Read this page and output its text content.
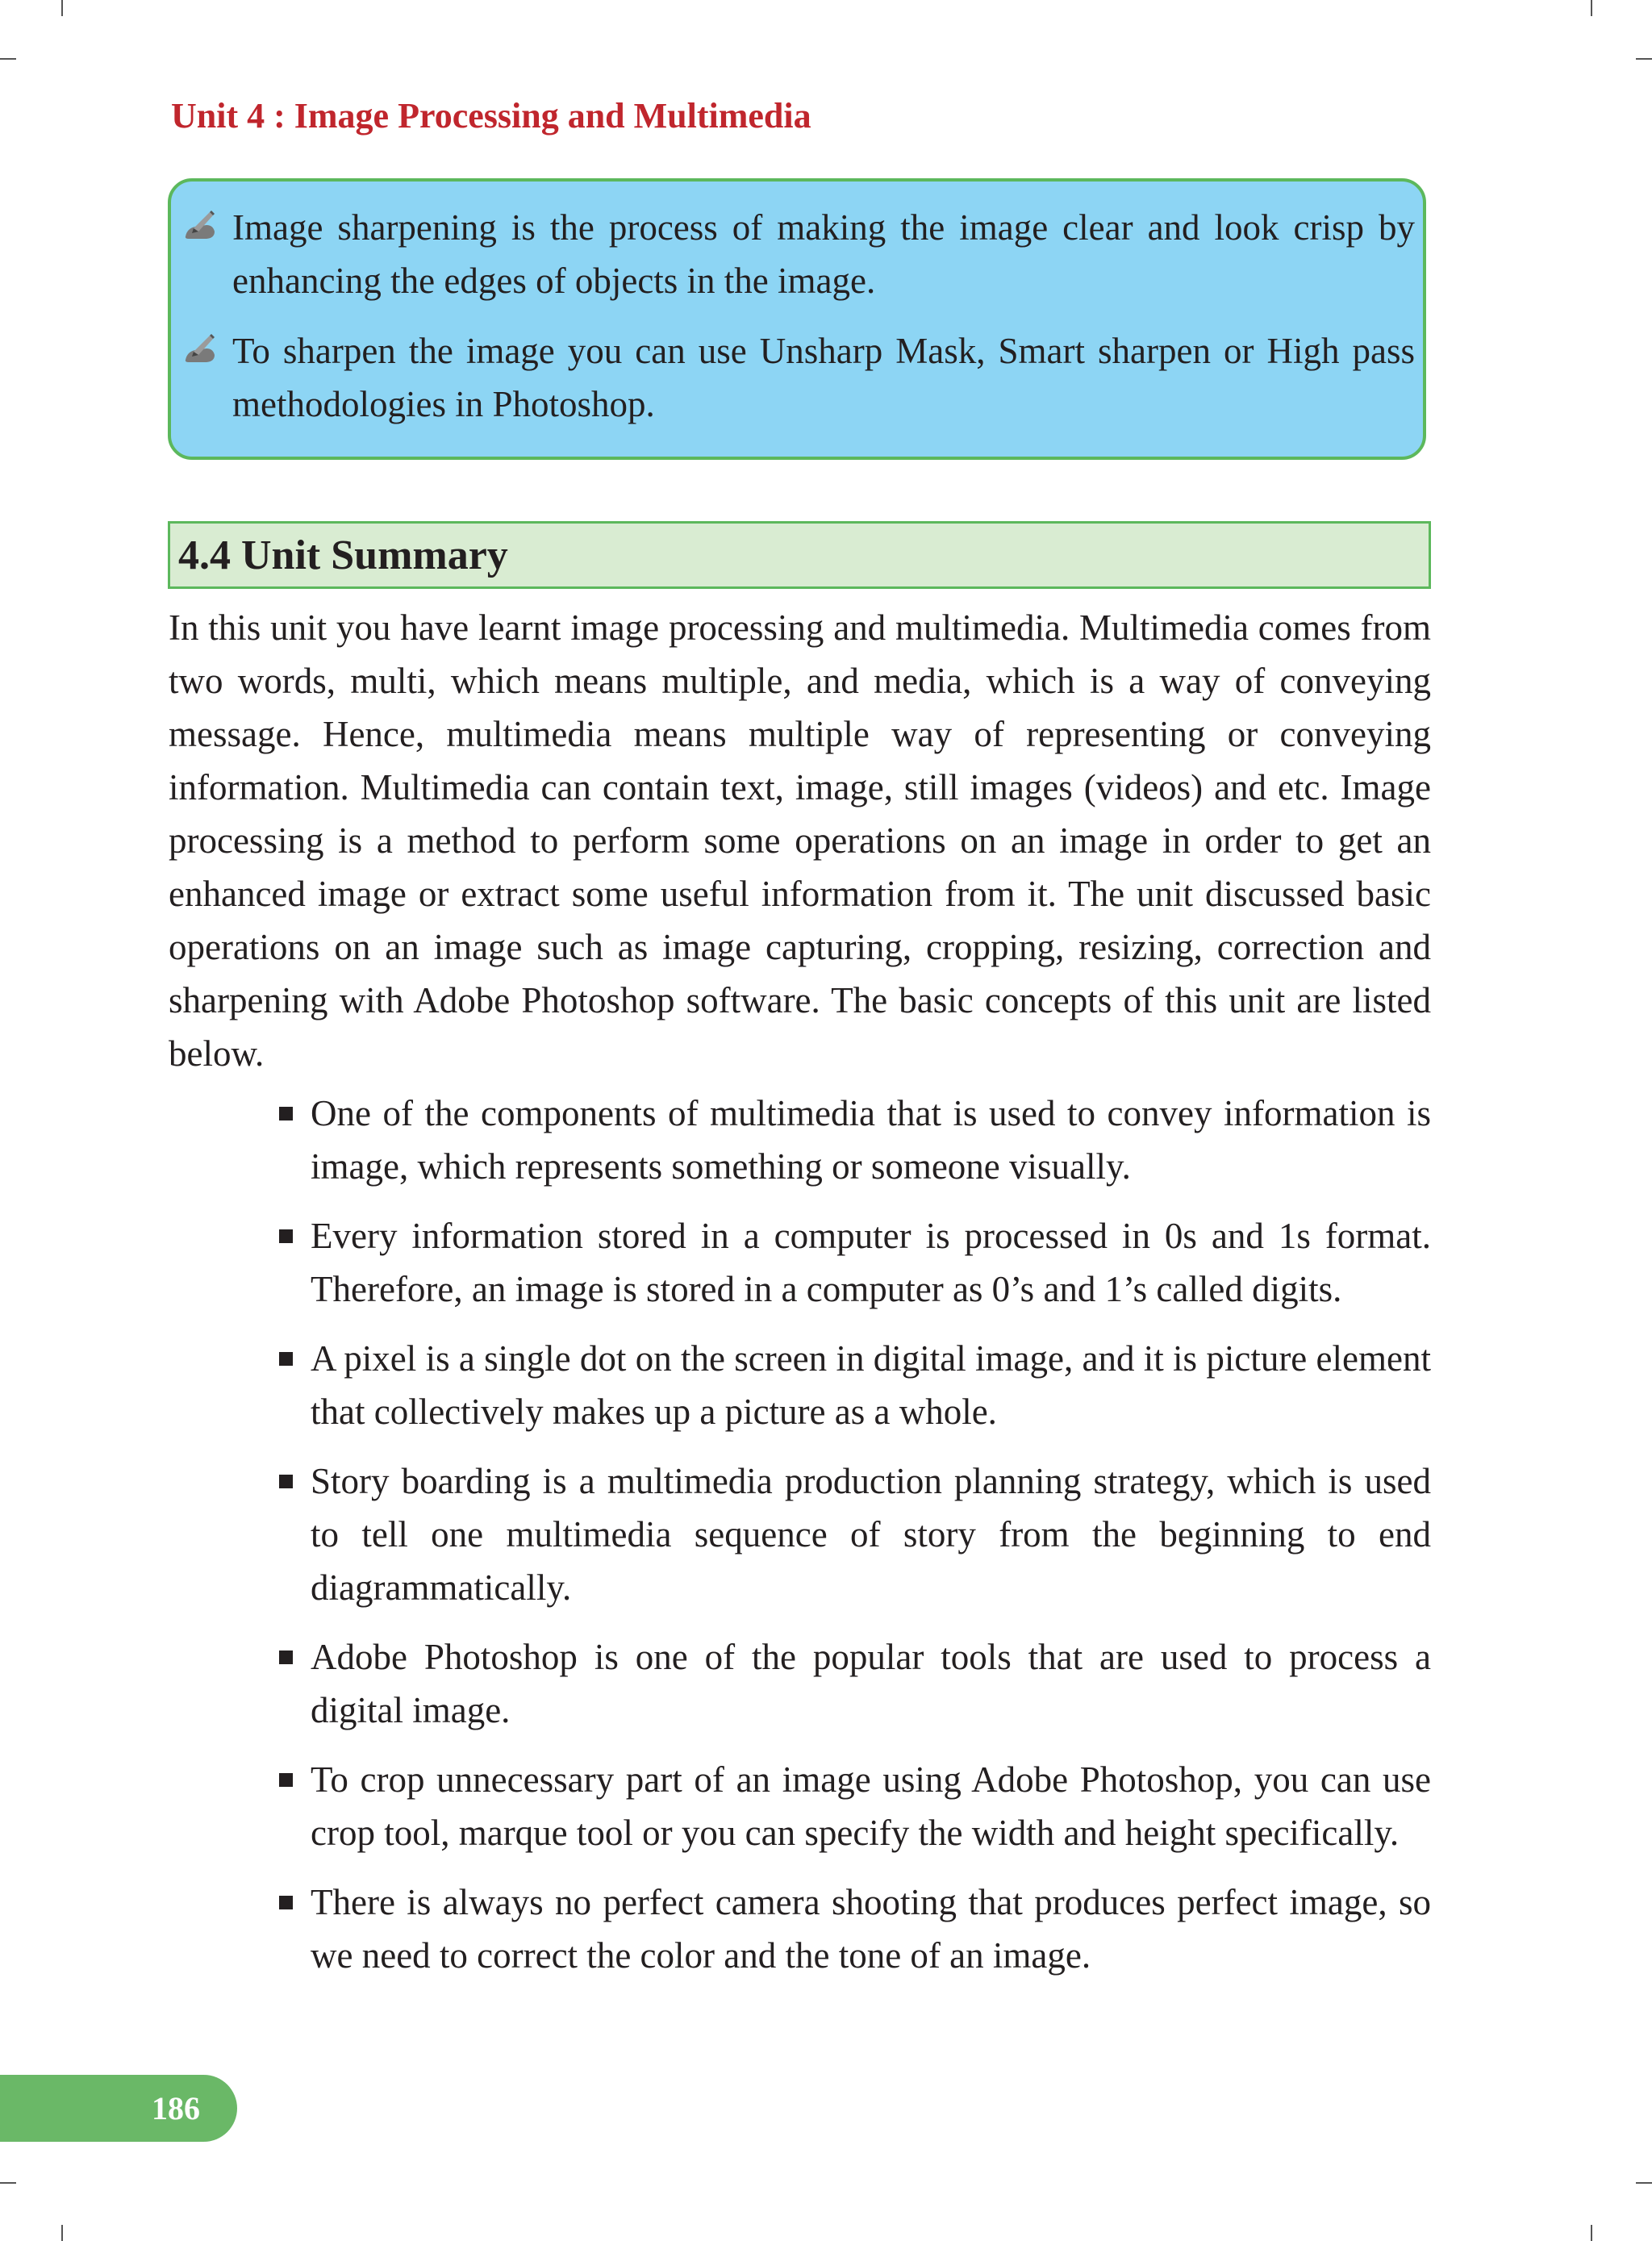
Unit 4 : Image Processing and Multimedia

Image sharpening is the process of making the image clear and look crisp by enhancing the edges of objects in the image.

To sharpen the image you can use Unsharp Mask, Smart sharpen or High pass methodologies in Photoshop.

4.4 Unit Summary

In this unit you have learnt image processing and multimedia. Multimedia comes from two words, multi, which means multiple, and media, which is a way of conveying message. Hence, multimedia means multiple way of representing or conveying information. Multimedia can contain text, image, still images (videos) and etc. Image processing is a method to perform some operations on an image in order to get an enhanced image or extract some useful information from it. The unit discussed basic operations on an image such as image capturing, cropping, resizing, correction and sharpening with Adobe Photoshop software. The basic concepts of this unit are listed below.

One of the components of multimedia that is used to convey information is image, which represents something or someone visually.
Every information stored in a computer is processed in 0s and 1s format. Therefore, an image is stored in a computer as 0’s and 1’s called digits.
A pixel is a single dot on the screen in digital image, and it is picture element that collectively makes up a picture as a whole.
Story boarding is a multimedia production planning strategy, which is used to tell one multimedia sequence of story from the beginning to end diagrammatically.
Adobe Photoshop is one of the popular tools that are used to process a digital image.
To crop unnecessary part of an image using Adobe Photoshop, you can use crop tool, marque tool or you can specify the width and height specifically.
There is always no perfect camera shooting that produces perfect image, so we need to correct the color and the tone of an image.
186
